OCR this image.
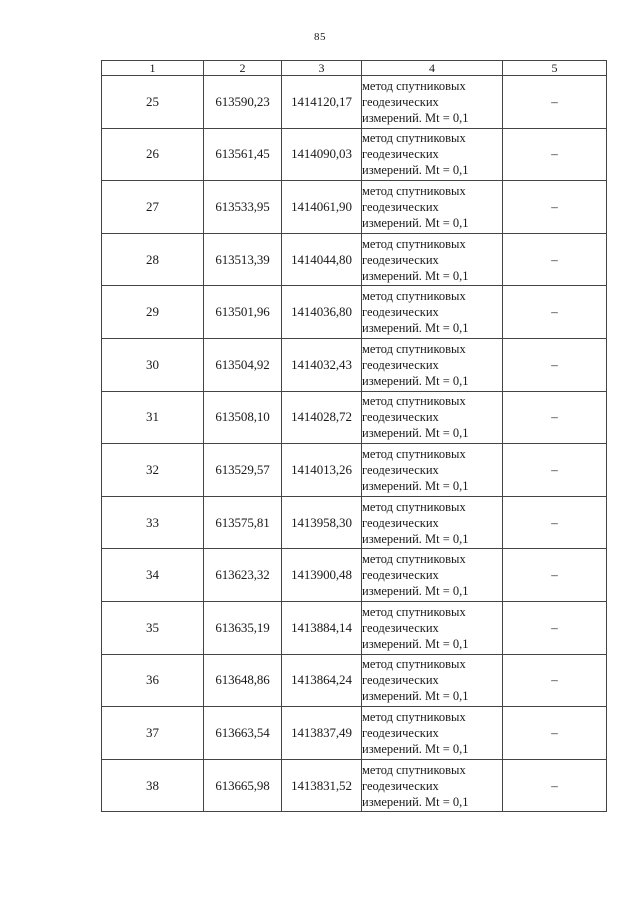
85
1	2	3	4	5
25	613590,23	1414120,17	метод спутниковых
геодезических
измерений. Mt = 0,1	–
26	613561,45	1414090,03	метод спутниковых
геодезических
измерений. Mt = 0,1	–
27	613533,95	1414061,90	метод спутниковых
геодезических
измерений. Mt = 0,1	–
28	613513,39	1414044,80	метод спутниковых
геодезических
измерений. Mt = 0,1	–
29	613501,96	1414036,80	метод спутниковых
геодезических
измерений. Mt = 0,1	–
30	613504,92	1414032,43	метод спутниковых
геодезических
измерений. Mt = 0,1	–
31	613508,10	1414028,72	метод спутниковых
геодезических
измерений. Mt = 0,1	–
32	613529,57	1414013,26	метод спутниковых
геодезических
измерений. Mt = 0,1	–
33	613575,81	1413958,30	метод спутниковых
геодезических
измерений. Mt = 0,1	–
34	613623,32	1413900,48	метод спутниковых
геодезических
измерений. Mt = 0,1	–
35	613635,19	1413884,14	метод спутниковых
геодезических
измерений. Mt = 0,1	–
36	613648,86	1413864,24	метод спутниковых
геодезических
измерений. Mt = 0,1	–
37	613663,54	1413837,49	метод спутниковых
геодезических
измерений. Mt = 0,1	–
38	613665,98	1413831,52	метод спутниковых
геодезических
измерений. Mt = 0,1	–
